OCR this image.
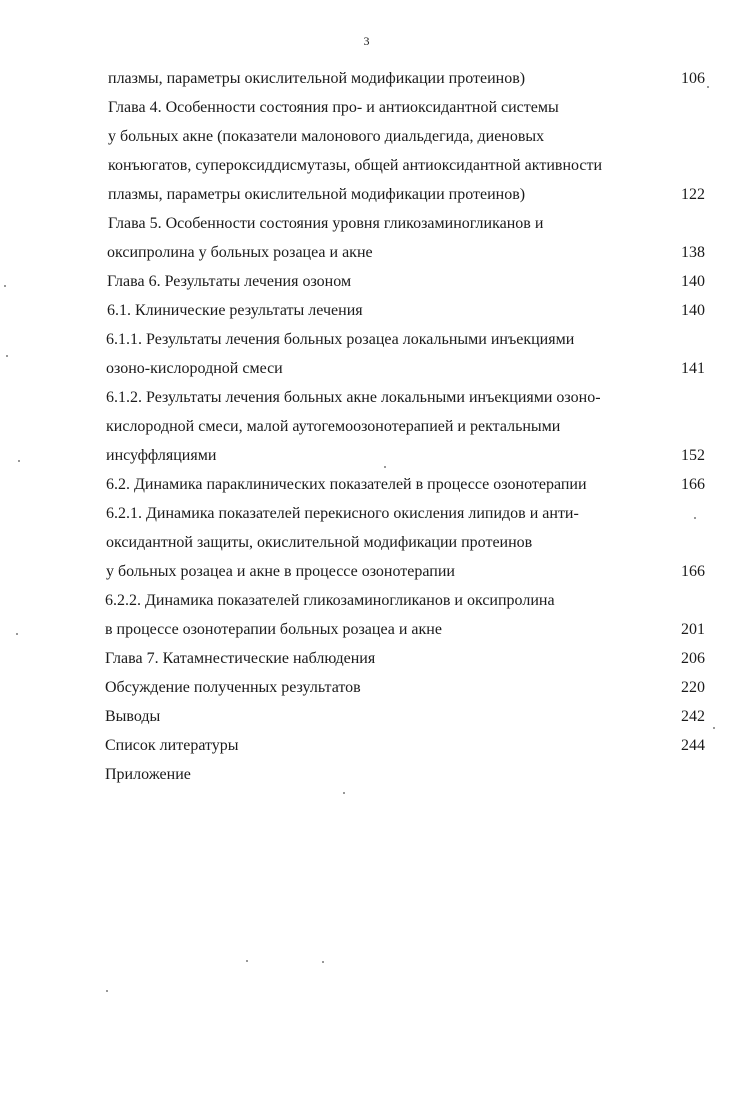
3
плазмы, параметры окислительной модификации протеинов)	106
Глава 4. Особенности состояния про- и антиоксидантной системы
у больных акне (показатели малонового диальдегида, диеновых
конъюгатов, супероксиддисмутазы, общей антиоксидантной активности
плазмы, параметры окислительной модификации протеинов)	122
Глава 5. Особенности состояния уровня гликозаминогликанов и
оксипролина у больных розацеа и акне	138
Глава 6. Результаты лечения озоном	140
6.1. Клинические результаты лечения	140
6.1.1. Результаты лечения больных розацеа локальными инъекциями
озоно-кислородной смеси	141
6.1.2. Результаты лечения больных акне локальными инъекциями озоно-
кислородной смеси, малой аутогемоозонотерапией и ректальными
инсуффляциями	152
6.2. Динамика параклинических показателей в процессе озонотерапии	166
6.2.1. Динамика показателей перекисного окисления липидов и анти-
оксидантной защиты, окислительной модификации протеинов
у больных розацеа и акне в процессе озонотерапии	166
6.2.2. Динамика показателей гликозаминогликанов и оксипролина
в процессе озонотерапии больных розацеа и акне	201
Глава 7. Катамнестические наблюдения	206
Обсуждение полученных результатов	220
Выводы	242
Список литературы	244
Приложение
